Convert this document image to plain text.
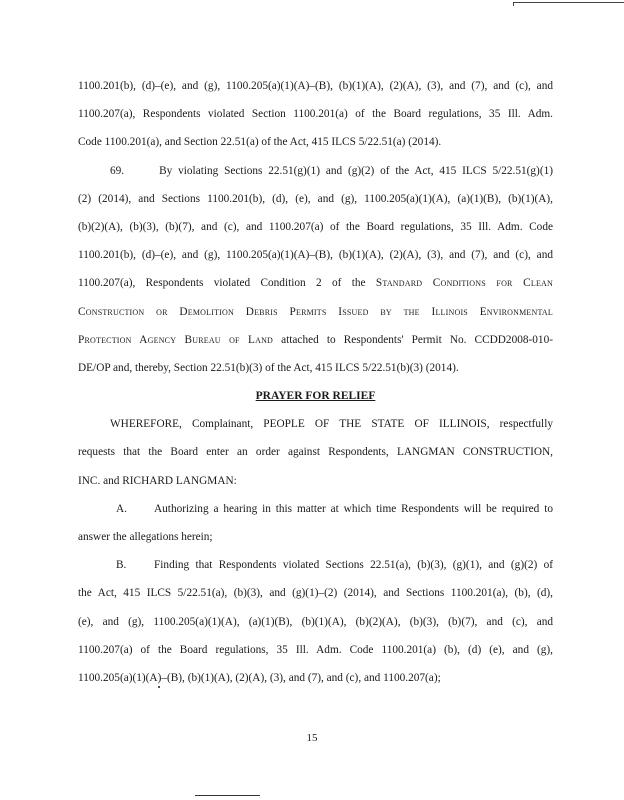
1100.201(b), (d)–(e), and (g), 1100.205(a)(1)(A)–(B), (b)(1)(A), (2)(A), (3), and (7), and (c), and
1100.207(a), Respondents violated Section 1100.201(a) of the Board regulations, 35 Ill. Adm.
Code 1100.201(a), and Section 22.51(a) of the Act, 415 ILCS 5/22.51(a) (2014).
69.	By violating Sections 22.51(g)(1) and (g)(2) of the Act, 415 ILCS 5/22.51(g)(1)
(2) (2014), and Sections 1100.201(b), (d), (e), and (g), 1100.205(a)(1)(A), (a)(1)(B), (b)(1)(A),
(b)(2)(A), (b)(3), (b)(7), and (c), and 1100.207(a) of the Board regulations, 35 Ill. Adm. Code
1100.201(b), (d)–(e), and (g), 1100.205(a)(1)(A)–(B), (b)(1)(A), (2)(A), (3), and (7), and (c), and
1100.207(a), Respondents violated Condition 2 of the Standard Conditions for Clean
Construction or Demolition Debris Permits Issued by the Illinois Environmental
Protection Agency Bureau of Land attached to Respondents' Permit No. CCDD2008-010-
DE/OP and, thereby, Section 22.51(b)(3) of the Act, 415 ILCS 5/22.51(b)(3) (2014).
PRAYER FOR RELIEF
WHEREFORE, Complainant, PEOPLE OF THE STATE OF ILLINOIS, respectfully
requests that the Board enter an order against Respondents, LANGMAN CONSTRUCTION,
INC. and RICHARD LANGMAN:
A. Authorizing a hearing in this matter at which time Respondents will be required to
answer the allegations herein;
B. Finding that Respondents violated Sections 22.51(a), (b)(3), (g)(1), and (g)(2) of
the Act, 415 ILCS 5/22.51(a), (b)(3), and (g)(1)–(2) (2014), and Sections 1100.201(a), (b), (d),
(e), and (g), 1100.205(a)(1)(A), (a)(1)(B), (b)(1)(A), (b)(2)(A), (b)(3), (b)(7), and (c), and
1100.207(a) of the Board regulations, 35 Ill. Adm. Code 1100.201(a) (b), (d) (e), and (g),
1100.205(a)(1)(A)–(B), (b)(1)(A), (2)(A), (3), and (7), and (c), and 1100.207(a);
15
